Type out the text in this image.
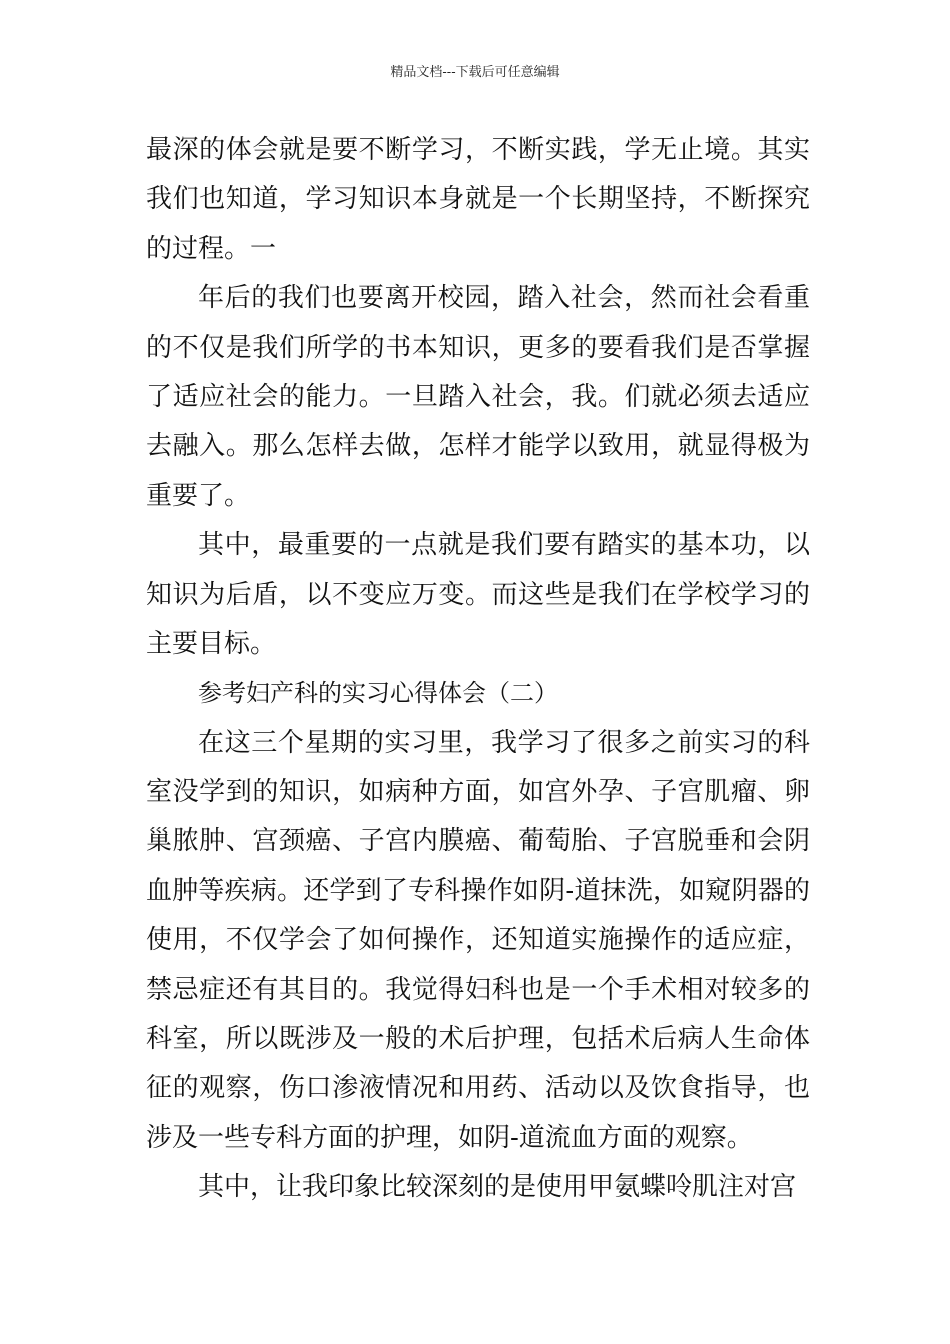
精品文档---下载后可任意编辑
最深的体会就是要不断学习，不断实践，学无止境。其实
我们也知道，学习知识本身就是一个长期坚持，不断探究
的过程。一
年后的我们也要离开校园，踏入社会，然而社会看重
的不仅是我们所学的书本知识，更多的要看我们是否掌握
了适应社会的能力。一旦踏入社会，我。们就必须去适应
去融入。那么怎样去做，怎样才能学以致用，就显得极为
重要了。
其中，最重要的一点就是我们要有踏实的基本功，以
知识为后盾，以不变应万变。而这些是我们在学校学习的
主要目标。
参考妇产科的实习心得体会（二）
在这三个星期的实习里，我学习了很多之前实习的科
室没学到的知识，如病种方面，如宫外孕、子宫肌瘤、卵
巢脓肿、宫颈癌、子宫内膜癌、葡萄胎、子宫脱垂和会阴
血肿等疾病。还学到了专科操作如阴-道抹洗，如窥阴器的
使用，不仅学会了如何操作，还知道实施操作的适应症，
禁忌症还有其目的。我觉得妇科也是一个手术相对较多的
科室，所以既涉及一般的术后护理，包括术后病人生命体
征的观察，伤口渗液情况和用药、活动以及饮食指导，也
涉及一些专科方面的护理，如阴-道流血方面的观察。
其中，让我印象比较深刻的是使用甲氨蝶呤肌注对宫
